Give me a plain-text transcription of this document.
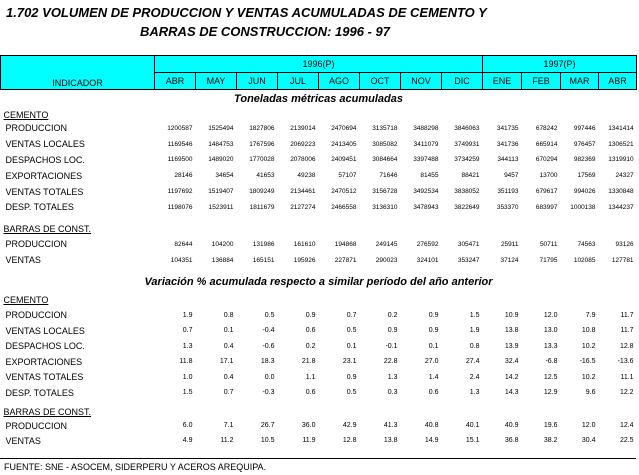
1.702 VOLUMEN DE PRODUCCION Y VENTAS ACUMULADAS DE CEMENTO Y
BARRAS DE CONSTRUCCION: 1996 - 97
INDICADOR	1996(P)								1997(P)			
	ABR	MAY	JUN	JUL	AGO	OCT	NOV	DIC	ENE	FEB	MAR	ABR
Toneladas métricas acumuladas												
CEMENTO												
PRODUCCION	1200587	1525494	1827806	2139014	2470694	3135718	3488298	3846063	341735	678242	997446	1341414
VENTAS LOCALES	1169546	1484753	1767596	2069223	2413405	3085082	3411079	3749931	341736	665914	976457	1306521
DESPACHOS LOC.	1169500	1489020	1770028	2078006	2409451	3084664	3397488	3734259	344113	670294	982369	1319910
EXPORTACIONES	28146	34654	41653	49238	57107	71646	81455	88421	9457	13700	17569	24327
VENTAS TOTALES	1197692	1519407	1809249	2134461	2470512	3156728	3492534	3838052	351193	679617	994026	1330848
DESP. TOTALES	1198076	1523911	1811679	2127274	2466558	3136310	3478943	3822649	353370	683997	1000138	1344237

BARRAS DE CONST.												
PRODUCCION	82644	104200	131986	161610	194868	249145	276592	305471	25911	50711	74563	93126
VENTAS	104351	136884	165151	195926	227871	290023	324101	353247	37124	71795	102085	127781

Variación % acumulada respecto a similar período del año anterior												
CEMENTO												
PRODUCCION	1.9	0.8	0.5	0.9	0.7	0.2	0.9	1.5	10.9	12.0	7.9	11.7
VENTAS LOCALES	0.7	0.1	-0.4	0.6	0.5	0.9	0.9	1.9	13.8	13.0	10.8	11.7
DESPACHOS LOC.	1.3	0.4	-0.6	0.2	0.1	-0.1	0.1	0.8	13.9	13.3	10.2	12.8
EXPORTACIONES	11.8	17.1	18.3	21.8	23.1	22.8	27.0	27.4	32.4	-6.8	-16.5	-13.6
VENTAS TOTALES	1.0	0.4	0.0	1.1	0.9	1.3	1.4	2.4	14.2	12.5	10.2	11.1
DESP. TOTALES	1.5	0.7	-0.3	0.6	0.5	0.3	0.6	1.3	14.3	12.9	9.6	12.2

BARRAS DE CONST.												
PRODUCCION	6.0	7.1	26.7	36.0	42.9	41.3	40.8	40.1	40.9	19.6	12.0	12.4
VENTAS	4.9	11.2	10.5	11.9	12.8	13.8	14.9	15.1	36.8	38.2	30.4	22.5
FUENTE: SNE - ASOCEM, SIDERPERU Y ACEROS AREQUIPA.
